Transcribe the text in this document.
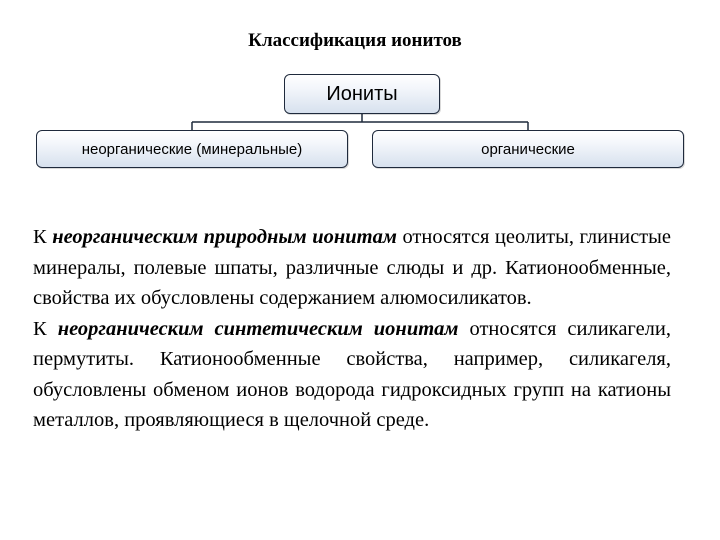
Классификация ионитов
Иониты
неорганические (минеральные)	органические

К неорганическим природным ионитам относятся цеолиты, глинистые минералы, полевые шпаты, различные слюды и др. Катионообменные, свойства их обусловлены содержанием алюмосиликатов.

К неорганическим синтетическим ионитам относятся силикагели, пермутиты. Катионообменные свойства, например, силикагеля, обусловлены обменом ионов водорода гидроксидных групп на катионы металлов, проявляющиеся в щелочной среде.
